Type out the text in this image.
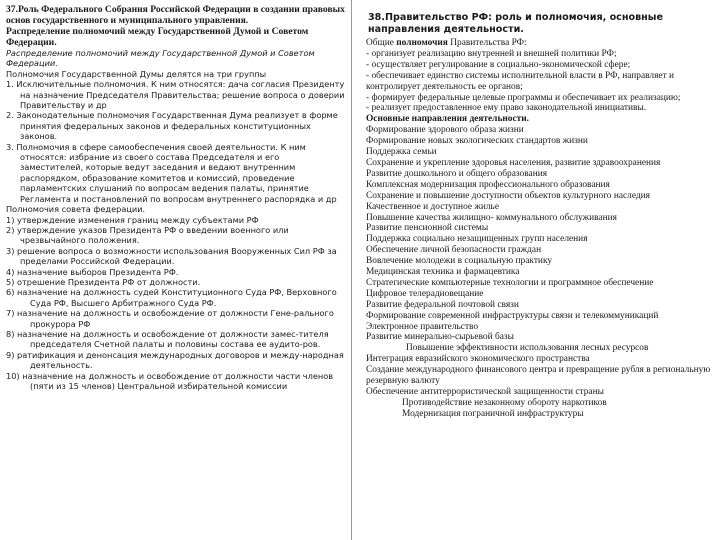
37.Роль Федерального Собрания Российской Федерации в создании правовых основ государственного и муниципального управления.

Распределение полномочий между Государственной Думой и Советом Федерации.

Распределение полномочий между Государственной Думой и Советом Федерации.

Полномочия Государственной Думы делятся на три группы

1. Исключительные полномочия. К ним относятся: дача согласия Президенту на назначение Председателя Правительства; решение вопроса о доверии Правительству и др

2. Законодательные полномочия Государственная Дума реализует в форме принятия федеральных законов и федеральных конституционных законов.

3. Полномочия в сфере самообеспечения своей деятельности. К ним относятся: избрание из своего состава Председателя и его заместителей, которые ведут заседания и ведают внутренним распорядком, образование комитетов и комиссий, проведение парламентских слушаний по вопросам ведения палаты, принятие Регламента и постановлений по вопросам внутреннего распорядка и др

Полномочия совета федерации.

1) утверждение изменения границ между субъектами РФ

2) утверждение указов Президента РФ о введении военного или чрезвычайного положения.

3) решение вопроса о возможности использования Вооруженных Сил РФ за пределами Российской Федерации.

4) назначение выборов Президента РФ.

5) отрешение Президента РФ от должности.

6) назначение на должность судей Конституционного Суда РФ, Верховного Суда РФ, Высшего Арбитражного Суда РФ.

7) назначение на должность и освобождение от должности Гене-рального прокурора РФ

8) назначение на должность и освобождение от должности замес-тителя председателя Счетной палаты и половины состава ее аудито-ров.

9) ратификация и денонсация международных договоров и между-народная деятельность.

10) назначение на должность и освобождение от должности части членов (пяти из 15 членов) Центральной избирательной комиссии

38.Правительство РФ: роль и полномочия, основные направления деятельности.

Общие полномочия Правительства РФ:

- организует реализацию внутренней и внешней политики РФ;

- осуществляет регулирование в социально-экономической сфере;

- обеспечивает единство системы исполнительной власти в РФ, направляет и контролирует деятельность ее органов;

- формирует федеральные целевые программы и обеспечивает их реализацию;

- реализует предоставленное ему право законодательной инициативы.

Основные направления деятельности.

Формирование здорового образа жизни

Формирование новых экологических стандартов жизни

Поддержка семьи

Сохранение и укрепление здоровья населения, развитие здравоохранения

Развитие дошкольного и общего образования

Комплексная модернизация профессионального образования

Сохранение и повышение доступности объектов культурного наследия

Качественное и доступное жилье

Повышение качества жилищно- коммунального обслуживания

Развитие пенсионной системы

Поддержка социально незащищенных групп населения

Обеспечение личной безопасности граждан

Вовлечение молодежи в социальную практику

Медицинская техника и фармацевтика

Стратегические компьютерные технологии и программное обеспечение

Цифровое телерадиовещание

Развитие федеральной почтовой связи

Формирование современной инфраструктуры связи и телекоммуникаций

Электронное правительство

Развитие минерально-сырьевой базы

Повышение эффективности использования лесных ресурсов

Интеграция евразийского экономического пространства

Создание международного финансового центра и превращение рубля в региональную резервную валюту

Обеспечение антитеррористической защищенности страны

Противодействие незаконному обороту наркотиков

Модернизация пограничной инфраструктуры
